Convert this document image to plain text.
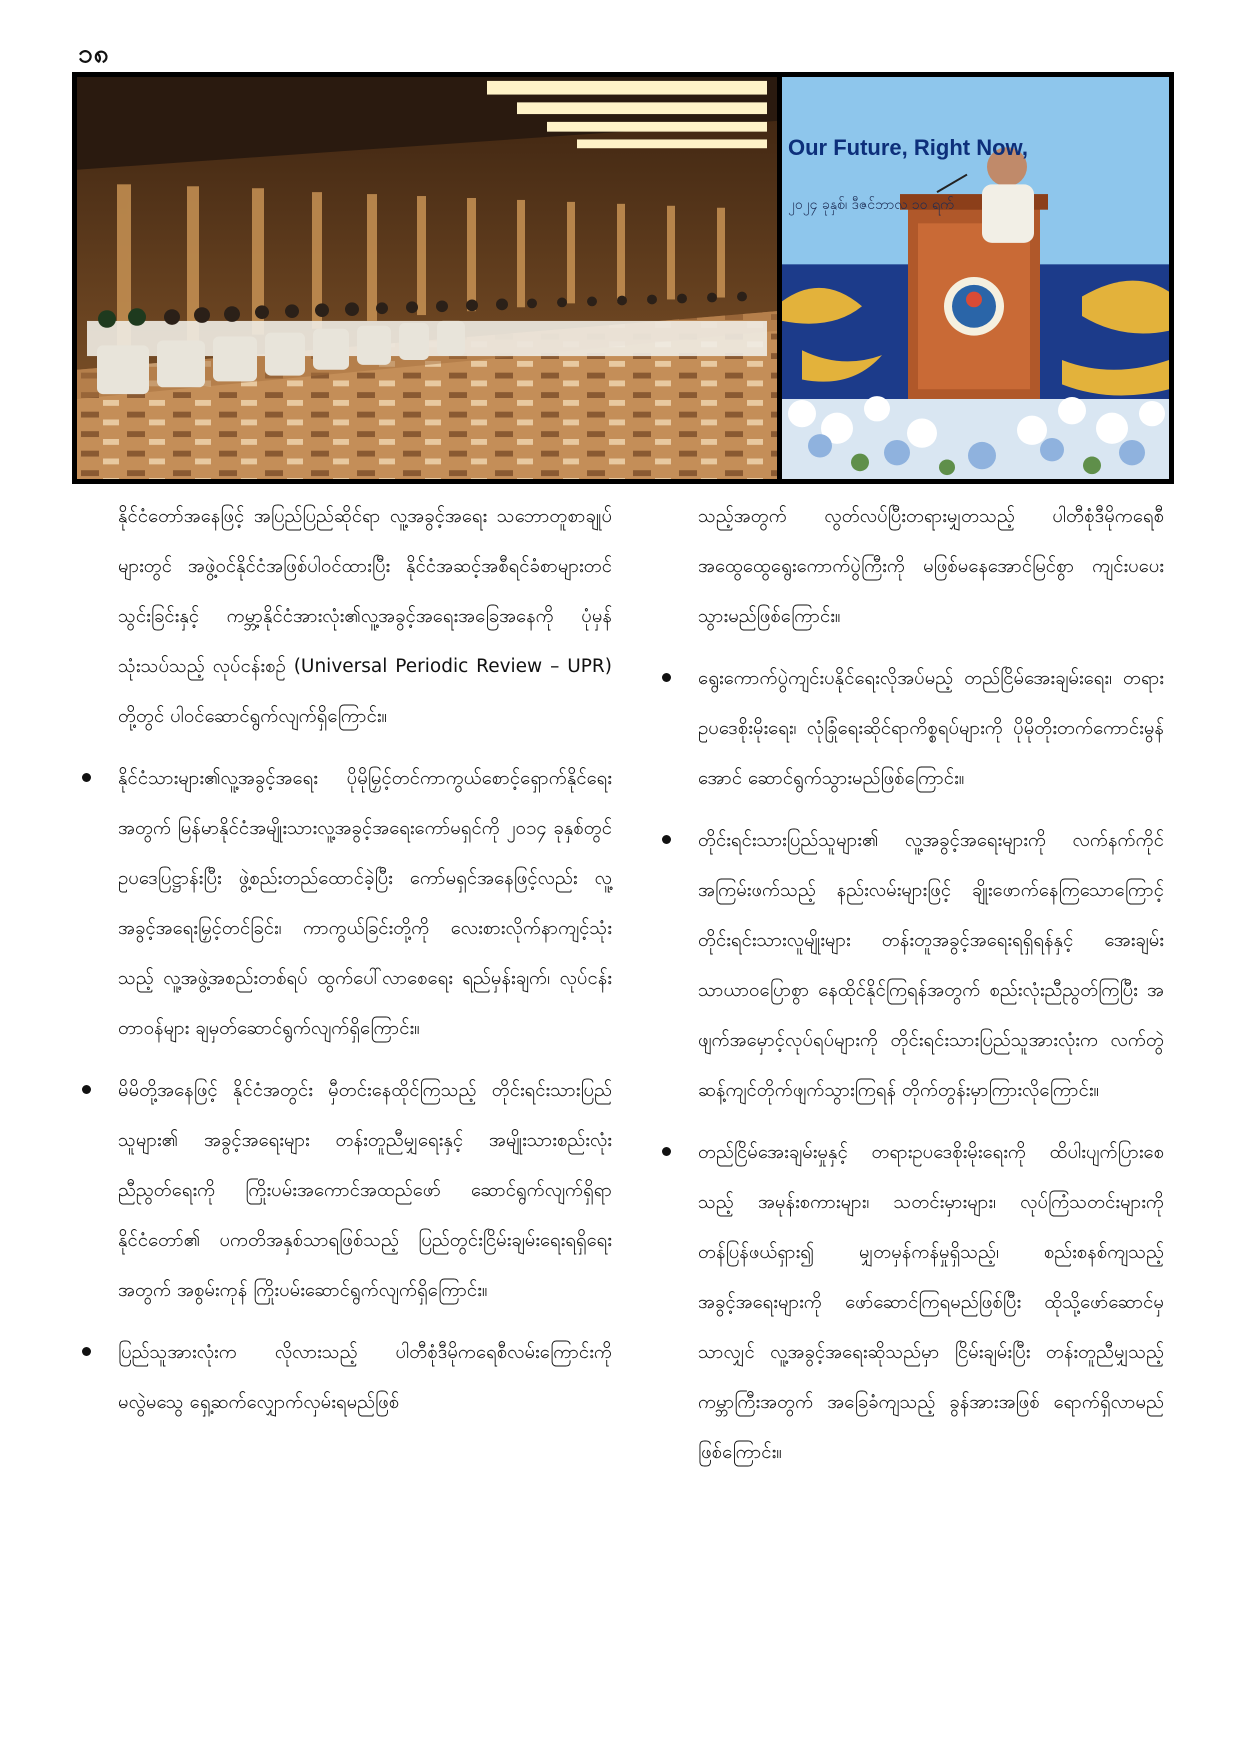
၁၈
Our Future, Right Now,
၂၀၂၄ ခုနှစ်၊ ဒီဇင်ဘာလ ၁၀ ရက်

နိုင်ငံတော်အနေဖြင့် အပြည်ပြည်ဆိုင်ရာ လူ့အခွင့်အရေး သဘောတူစာချုပ်များတွင် အဖွဲ့ဝင်နိုင်ငံအဖြစ်ပါဝင်ထားပြီး နိုင်ငံအဆင့်အစီရင်ခံစာများတင်သွင်းခြင်းနှင့် ကမ္ဘာ့နိုင်ငံအားလုံး၏လူ့အခွင့်အရေးအခြေအနေကို ပုံမှန်သုံးသပ်သည့် လုပ်ငန်းစဉ် (Universal Periodic Review – UPR) တို့တွင် ပါဝင်ဆောင်ရွက်လျက်ရှိကြောင်း။

နိုင်ငံသားများ၏လူ့အခွင့်အရေး ပိုမိုမြှင့်တင်ကာကွယ်စောင့်ရှောက်နိုင်ရေးအတွက် မြန်မာနိုင်ငံအမျိုးသားလူ့အခွင့်အရေးကော်မရှင်ကို ၂၀၁၄ ခုနှစ်တွင် ဥပဒေပြဋ္ဌာန်းပြီး ဖွဲ့စည်းတည်ထောင်ခဲ့ပြီး ကော်မရှင်အနေဖြင့်လည်း လူ့အခွင့်အရေးမြှင့်တင်ခြင်း၊ ကာကွယ်ခြင်းတို့ကို လေးစားလိုက်နာကျင့်သုံးသည့် လူ့အဖွဲ့အစည်းတစ်ရပ် ထွက်ပေါ်လာစေရေး ရည်မှန်းချက်၊ လုပ်ငန်းတာဝန်များ ချမှတ်ဆောင်ရွက်လျက်ရှိကြောင်း။
မိမိတို့အနေဖြင့် နိုင်ငံအတွင်း မှီတင်းနေထိုင်ကြသည့် တိုင်းရင်းသားပြည်သူများ၏ အခွင့်အရေးများ တန်းတူညီမျှရေးနှင့် အမျိုးသားစည်းလုံးညီညွတ်ရေးကို ကြိုးပမ်းအကောင်အထည်ဖော် ဆောင်ရွက်လျက်ရှိရာ နိုင်ငံတော်၏ ပကတိအနှစ်သာရဖြစ်သည့် ပြည်တွင်းငြိမ်းချမ်းရေးရရှိရေးအတွက် အစွမ်းကုန် ကြိုးပမ်းဆောင်ရွက်လျက်ရှိကြောင်း။
ပြည်သူအားလုံးက လိုလားသည့် ပါတီစုံဒီမိုကရေစီလမ်းကြောင်းကို မလွဲမသွေ ရှေ့ဆက်လျှောက်လှမ်းရမည်ဖြစ်

သည့်အတွက် လွတ်လပ်ပြီးတရားမျှတသည့် ပါတီစုံဒီမိုကရေစီ အထွေထွေရွေးကောက်ပွဲကြီးကို မဖြစ်မနေအောင်မြင်စွာ ကျင်းပပေးသွားမည်ဖြစ်ကြောင်း။

ရွေးကောက်ပွဲကျင်းပနိုင်ရေးလိုအပ်မည့် တည်ငြိမ်အေးချမ်းရေး၊ တရားဥပဒေစိုးမိုးရေး၊ လုံခြုံရေးဆိုင်ရာကိစ္စရပ်များကို ပိုမိုတိုးတက်ကောင်းမွန်အောင် ဆောင်ရွက်သွားမည်ဖြစ်ကြောင်း။
တိုင်းရင်းသားပြည်သူများ၏ လူ့အခွင့်အရေးများကို လက်နက်ကိုင်အကြမ်းဖက်သည့် နည်းလမ်းများဖြင့် ချိုးဖောက်နေကြသောကြောင့် တိုင်းရင်းသားလူမျိုးများ တန်းတူအခွင့်အရေးရရှိရန်နှင့် အေးချမ်းသာယာဝပြောစွာ နေထိုင်နိုင်ကြရန်အတွက် စည်းလုံးညီညွတ်ကြပြီး အဖျက်အမှောင့်လုပ်ရပ်များကို တိုင်းရင်းသားပြည်သူအားလုံးက လက်တွဲဆန့်ကျင်တိုက်ဖျက်သွားကြရန် တိုက်တွန်းမှာကြားလိုကြောင်း။
တည်ငြိမ်အေးချမ်းမှုနှင့် တရားဥပဒေစိုးမိုးရေးကို ထိပါးပျက်ပြားစေသည့် အမုန်းစကားများ၊ သတင်းမှားများ၊ လုပ်ကြံသတင်းများကို တန်ပြန်ဖယ်ရှား၍ မျှတမှန်ကန်မှုရှိသည့်၊ စည်းစနစ်ကျသည့် အခွင့်အရေးများကို ဖော်ဆောင်ကြရမည်ဖြစ်ပြီး ထိုသို့ဖော်ဆောင်မှသာလျှင် လူ့အခွင့်အရေးဆိုသည်မှာ ငြိမ်းချမ်းပြီး တန်းတူညီမျှသည့် ကမ္ဘာကြီးအတွက် အခြေခံကျသည့် ခွန်အားအဖြစ် ရောက်ရှိလာမည်ဖြစ်ကြောင်း။
